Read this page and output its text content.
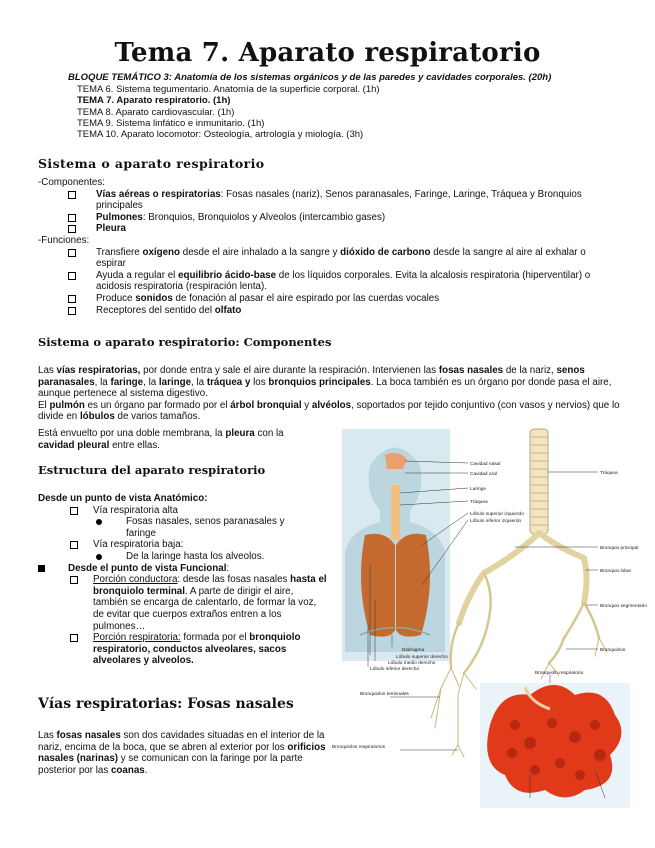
Tema 7. Aparato respiratorio
BLOQUE TEMÁTICO 3: Anatomía de los sistemas orgánicos y de las paredes y cavidades corporales. (20h)
TEMA 6. Sistema tegumentario. Anatomía de la superficie corporal. (1h)
TEMA 7. Aparato respiratorio. (1h)
TEMA 8. Aparato cardiovascular. (1h)
TEMA 9. Sistema linfático e inmunitario. (1h)
TEMA 10. Aparato locomotor: Osteología, artrología y miología. (3h)
Sistema o aparato respiratorio
-Componentes:
Vías aéreas o respiratorias: Fosas nasales (nariz), Senos paranasales, Faringe, Laringe, Tráquea y Bronquios principales
Pulmones: Bronquios, Bronquiolos y Alveolos (intercambio gases)
Pleura
-Funciones:
Transfiere oxígeno desde el aire inhalado a la sangre y dióxido de carbono desde la sangre al aire al exhalar o espirar
Ayuda a regular el equilibrio ácido-base de los líquidos corporales. Evita la alcalosis respiratoria (hiperventilar) o acidosis respiratoria (respiración lenta).
Produce sonidos de fonación al pasar el aire espirado por las cuerdas vocales
Receptores del sentido del olfato
Sistema o aparato respiratorio: Componentes

Las vías respiratorias, por donde entra y sale el aire durante la respiración. Intervienen las fosas nasales de la nariz, senos paranasales, la faringe, la laringe, la tráquea y los bronquios principales. La boca también es un órgano por donde pasa el aire, aunque pertenece al sistema digestivo.

El pulmón es un órgano par formado por el árbol bronquial y alvéolos, soportados por tejido conjuntivo (con vasos y nervios) que lo divide en lóbulos de varios tamaños.

Está envuelto por una doble membrana, la pleura con la cavidad pleural entre ellas.
Estructura del aparato respiratorio
Desde un punto de vista Anatómico:
Vía respiratoria alta
Fosas nasales, senos paranasales y faringe
Vía respiratoria baja:
De la laringe hasta los alveolos.
Desde el punto de vista Funcional:
Porción conductora: desde las fosas nasales hasta el bronquiolo terminal. A parte de dirigir el aire, también se encarga de calentarlo, de formar la voz, de evitar que cuerpos extraños entren a los pulmones…
Porción respiratoria: formada por el bronquiolo respiratorio, conductos alveolares, sacos alveolares y alveolos.
Vías respiratorias: Fosas nasales
Las fosas nasales son dos cavidades situadas en el interior de la nariz, encima de la boca, que se abren al exterior por los orificios nasales (narinas) y se comunican con la faringe por la parte posterior por las coanas.
Cavidad nasal
Cavidad oral
Laringe
Tráquea
Lóbulo superior izquierdo
Lóbulo inferior izquierdo
Diafragma
Lóbulo superior derecho
Lóbulo medio derecho
Lóbulo inferior derecho
Tráquea
Bronquio principal
Bronquio lobar
Bronquio segmentario
Bronquiolos
Bronquiolo respiratorio
Bronquiolos terminales
Bronquiolos respiratorios
